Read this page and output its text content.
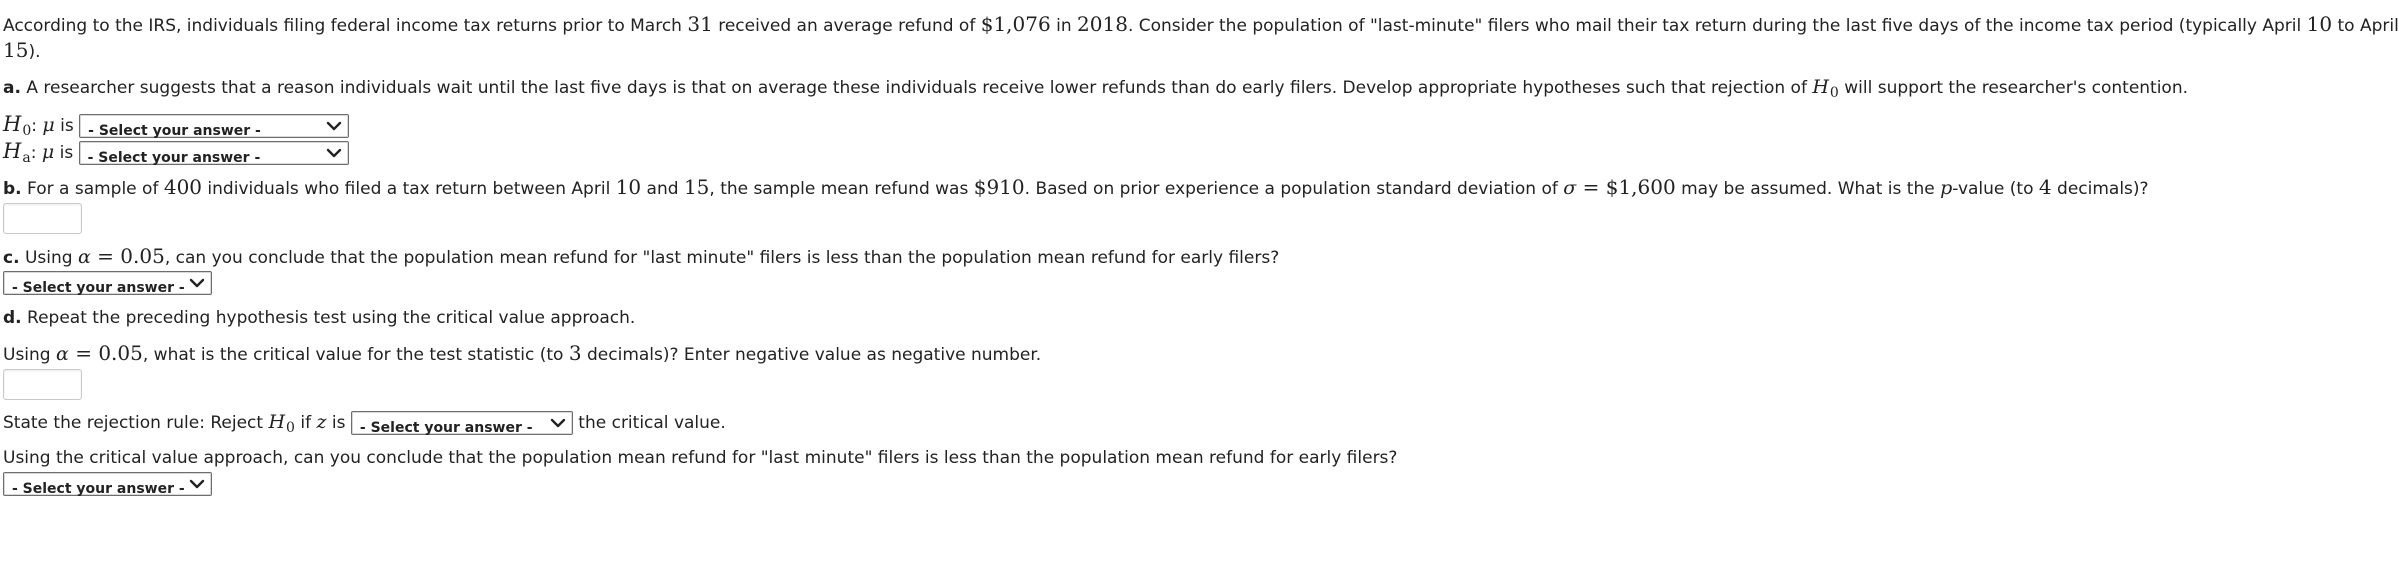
According to the IRS, individuals filing federal income tax returns prior to March 31 received an average refund of $1,076 in 2018. Consider the population of "last-minute" filers who mail their tax return during the last five days of the income tax period (typically April 10 to April
15).
a. A researcher suggests that a reason individuals wait until the last five days is that on average these individuals receive lower refunds than do early filers. Develop appropriate hypotheses such that rejection of $H_0$ will support the researcher's contention.
$H_0$: μ is - Select your answer -
$H_a$: μ is - Select your answer -
b. For a sample of 400 individuals who filed a tax return between April 10 and 15, the sample mean refund was $910. Based on prior experience a population standard deviation of σ = $1,600 may be assumed. What is the p-value (to 4 decimals)?
c. Using α = 0.05, can you conclude that the population mean refund for "last minute" filers is less than the population mean refund for early filers?
- Select your answer -
d. Repeat the preceding hypothesis test using the critical value approach.
Using α = 0.05, what is the critical value for the test statistic (to 3 decimals)? Enter negative value as negative number.
State the rejection rule: Reject $H_0$ if z is - Select your answer -	the critical value.
Using the critical value approach, can you conclude that the population mean refund for "last minute" filers is less than the population mean refund for early filers?
- Select your answer -
